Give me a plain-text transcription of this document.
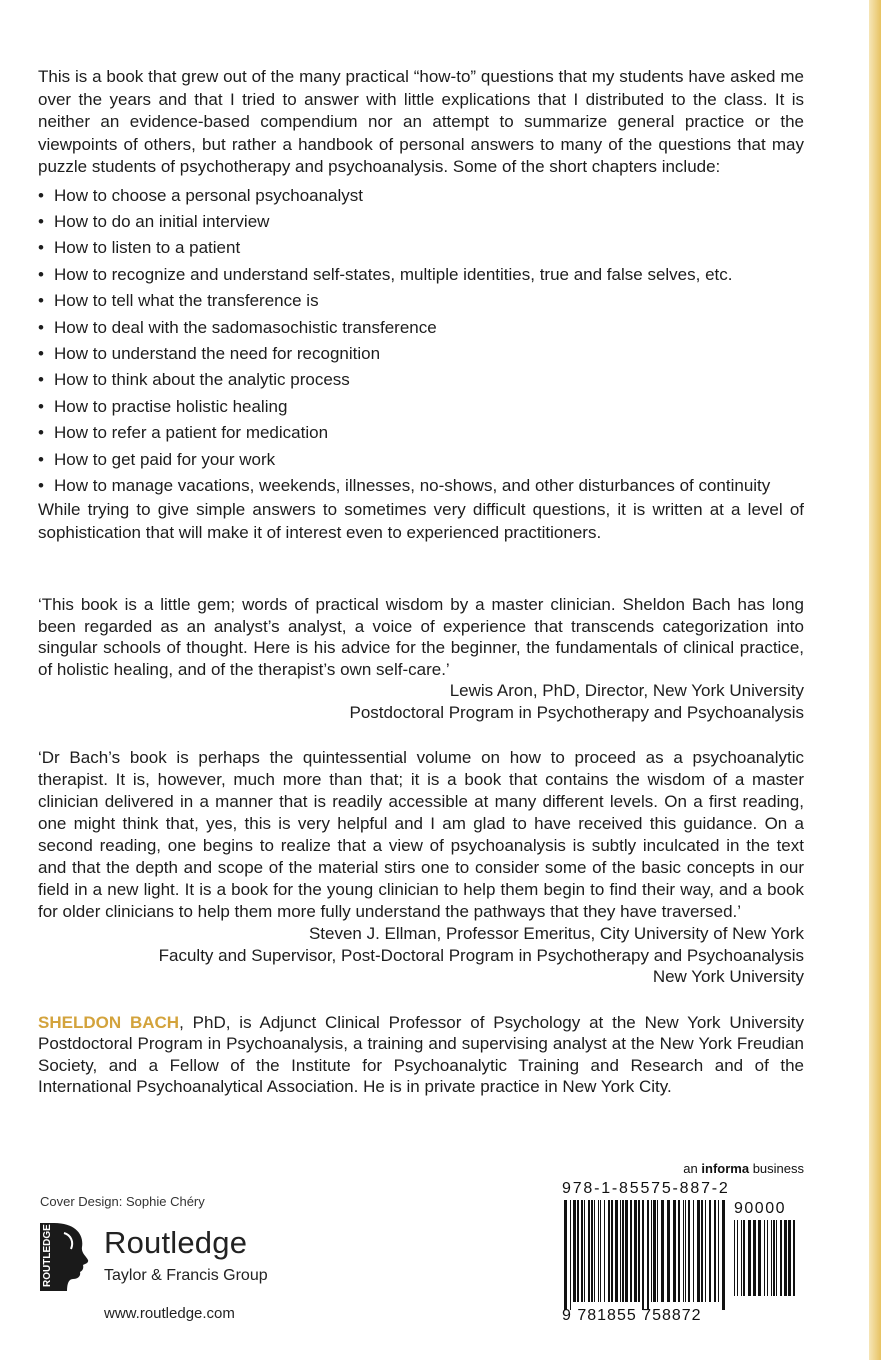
This is a book that grew out of the many practical “how-to” questions that my students have asked me over the years and that I tried to answer with little explications that I distributed to the class. It is neither an evidence-based compendium nor an attempt to summarize general practice or the viewpoints of others, but rather a handbook of personal answers to many of the questions that may puzzle students of psychotherapy and psychoanalysis. Some of the short chapters include:

• How to choose a personal psychoanalyst
• How to do an initial interview
• How to listen to a patient
• How to recognize and understand self-states, multiple identities, true and false selves, etc.
• How to tell what the transference is
• How to deal with the sadomasochistic transference
• How to understand the need for recognition
• How to think about the analytic process
• How to practise holistic healing
• How to refer a patient for medication
• How to get paid for your work
• How to manage vacations, weekends, illnesses, no-shows, and other disturbances of continuity

While trying to give simple answers to sometimes very difficult questions, it is written at a level of sophistication that will make it of interest even to experienced practitioners.

‘This book is a little gem; words of practical wisdom by a master clinician. Sheldon Bach has long been regarded as an analyst’s analyst, a voice of experience that transcends categorization into singular schools of thought. Here is his advice for the beginner, the fundamentals of clinical practice, of holistic healing, and of the therapist’s own self-care.’

Lewis Aron, PhD, Director, New York University
Postdoctoral Program in Psychotherapy and Psychoanalysis

‘Dr Bach’s book is perhaps the quintessential volume on how to proceed as a psychoanalytic therapist. It is, however, much more than that; it is a book that contains the wisdom of a master clinician delivered in a manner that is readily accessible at many different levels. On a first reading, one might think that, yes, this is very helpful and I am glad to have received this guidance. On a second reading, one begins to realize that a view of psychoanalysis is subtly inculcated in the text and that the depth and scope of the material stirs one to consider some of the basic concepts in our field in a new light. It is a book for the young clinician to help them begin to find their way, and a book for older clinicians to help them more fully understand the pathways that they have traversed.’

Steven J. Ellman, Professor Emeritus, City University of New York
Faculty and Supervisor, Post-Doctoral Program in Psychotherapy and Psychoanalysis
New York University

SHELDON BACH, PhD, is Adjunct Clinical Professor of Psychology at the New York University Postdoctoral Program in Psychoanalysis, a training and supervising analyst at the New York Freudian Society, and a Fellow of the Institute for Psychoanalytic Training and Research and of the International Psychoanalytical Association. He is in private practice in New York City.

Cover Design: Sophie Chéry
ROUTLEDGE Routledge
Taylor & Francis Group
www.routledge.com
an informa business
978-1-85575-887-2
90000
9 781855 758872
